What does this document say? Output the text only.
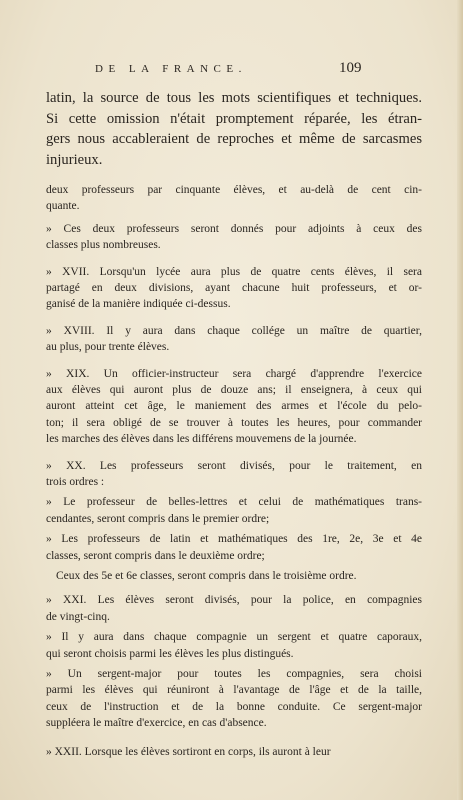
DE LA FRANCE.	109
latin, la source de tous les mots scientifiques et techniques.
Si cette omission n'était promptement réparée, les étran-
gers nous accableraient de reproches et même de sarcasmes
injurieux.

deux professeurs par cinquante élèves, et au-delà de cent cin-
quante.

» Ces deux professeurs seront donnés pour adjoints à ceux des
classes plus nombreuses.

» XVII. Lorsqu'un lycée aura plus de quatre cents élèves, il sera
partagé en deux divisions, ayant chacune huit professeurs, et or-
ganisé de la manière indiquée ci-dessus.

» XVIII. Il y aura dans chaque collége un maître de quartier,
au plus, pour trente élèves.

» XIX. Un officier-instructeur sera chargé d'apprendre l'exercice
aux élèves qui auront plus de douze ans; il enseignera, à ceux qui
auront atteint cet âge, le maniement des armes et l'école du pelo-
ton; il sera obligé de se trouver à toutes les heures, pour commander
les marches des élèves dans les différens mouvemens de la journée.

» XX. Les professeurs seront divisés, pour le traitement, en
trois ordres :

» Le professeur de belles-lettres et celui de mathématiques trans-
cendantes, seront compris dans le premier ordre;

» Les professeurs de latin et mathématiques des 1re, 2e, 3e et 4e
classes, seront compris dans le deuxième ordre;

Ceux des 5e et 6e classes, seront compris dans le troisième ordre.

» XXI. Les élèves seront divisés, pour la police, en compagnies
de vingt-cinq.

» Il y aura dans chaque compagnie un sergent et quatre caporaux,
qui seront choisis parmi les élèves les plus distingués.

» Un sergent-major pour toutes les compagnies, sera choisi
parmi les élèves qui réuniront à l'avantage de l'âge et de la taille,
ceux de l'instruction et de la bonne conduite. Ce sergent-major
suppléera le maître d'exercice, en cas d'absence.

» XXII. Lorsque les élèves sortiront en corps, ils auront à leur
